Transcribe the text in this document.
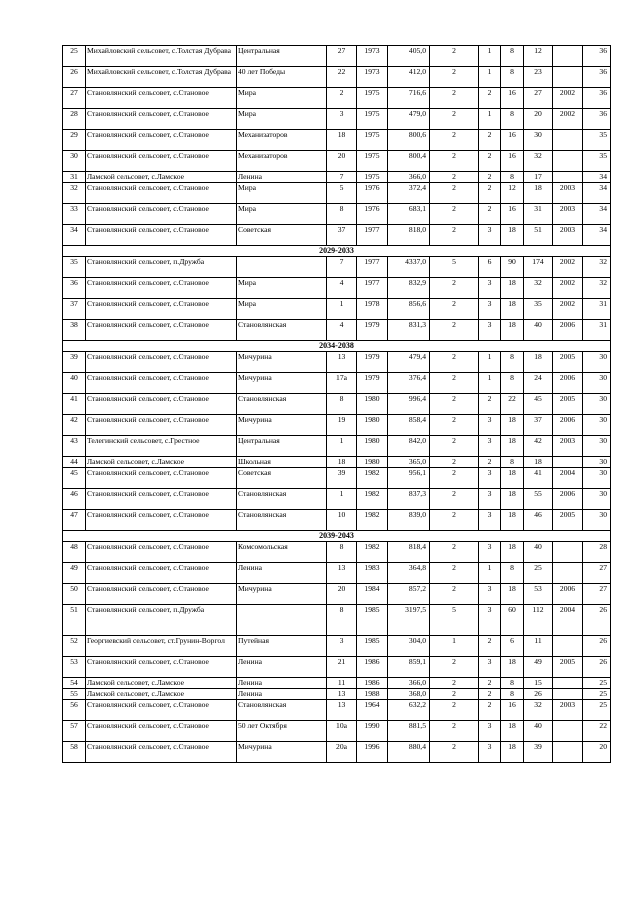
25	Михайловский сельсовет, с.Толстая Дубрава	Центральная	27	1973	405,0	2	1	8	12		36
26	Михайловский сельсовет, с.Толстая Дубрава	40 лет Победы	22	1973	412,0	2	1	8	23		36
27	Становлянский сельсовет, с.Становое	Мира	2	1975	716,6	2	2	16	27	2002	36
28	Становлянский сельсовет, с.Становое	Мира	3	1975	479,0	2	1	8	20	2002	36
29	Становлянский сельсовет, с.Становое	Механизаторов	18	1975	800,6	2	2	16	30		35
30	Становлянский сельсовет, с.Становое	Механизаторов	20	1975	800,4	2	2	16	32		35
31	Ламской сельсовет, с.Ламское	Ленина	7	1975	366,0	2	2	8	17		34
32	Становлянский сельсовет, с.Становое	Мира	5	1976	372,4	2	2	12	18	2003	34
33	Становлянский сельсовет, с.Становое	Мира	8	1976	683,1	2	2	16	31	2003	34
34	Становлянский сельсовет, с.Становое	Советская	37	1977	818,0	2	3	18	51	2003	34
2029-2033											
35	Становлянский сельсовет, п.Дружба		7	1977	4337,0	5	6	90	174	2002	32
36	Становлянский сельсовет, с.Становое	Мира	4	1977	832,9	2	3	18	32	2002	32
37	Становлянский сельсовет, с.Становое	Мира	1	1978	856,6	2	3	18	35	2002	31
38	Становлянский сельсовет, с.Становое	Становлянская	4	1979	831,3	2	3	18	40	2006	31
2034-2038											
39	Становлянский сельсовет, с.Становое	Мичурина	13	1979	479,4	2	1	8	18	2005	30
40	Становлянский сельсовет, с.Становое	Мичурина	17а	1979	376,4	2	1	8	24	2006	30
41	Становлянский сельсовет, с.Становое	Становлянская	8	1980	996,4	2	2	22	45	2005	30
42	Становлянский сельсовет, с.Становое	Мичурина	19	1980	858,4	2	3	18	37	2006	30
43	Телегинский сельсовет, с.Грестное	Центральная	1	1980	842,0	2	3	18	42	2003	30
44	Ламской сельсовет, с.Ламское	Школьная	18	1980	365,0	2	2	8	18		30
45	Становлянский сельсовет, с.Становое	Советская	39	1982	956,1	2	3	18	41	2004	30
46	Становлянский сельсовет, с.Становое	Становлянская	1	1982	837,3	2	3	18	55	2006	30
47	Становлянский сельсовет, с.Становое	Становлянская	10	1982	839,0	2	3	18	46	2005	30
2039-2043											
48	Становлянский сельсовет, с.Становое	Комсомольская	8	1982	818,4	2	3	18	40		28
49	Становлянский сельсовет, с.Становое	Ленина	13	1983	364,8	2	1	8	25		27
50	Становлянский сельсовет, с.Становое	Мичурина	20	1984	857,2	2	3	18	53	2006	27
51	Становлянский сельсовет, п.Дружба		8	1985	3197,5	5	3	60	112	2004	26
52	Георгиевский сельсовет, ст.Грунин-Воргол	Путейная	3	1985	304,0	1	2	6	11		26
53	Становлянский сельсовет, с.Становое	Ленина	21	1986	859,1	2	3	18	49	2005	26
54	Ламской сельсовет, с.Ламское	Ленина	11	1986	366,0	2	2	8	15		25
55	Ламской сельсовет, с.Ламское	Ленина	13	1988	368,0	2	2	8	26		25
56	Становлянский сельсовет, с.Становое	Становлянская	13	1964	632,2	2	2	16	32	2003	25
57	Становлянский сельсовет, с.Становое	50 лет Октября	10а	1990	881,5	2	3	18	40		22
58	Становлянский сельсовет, с.Становое	Мичурина	20а	1996	880,4	2	3	18	39		20
